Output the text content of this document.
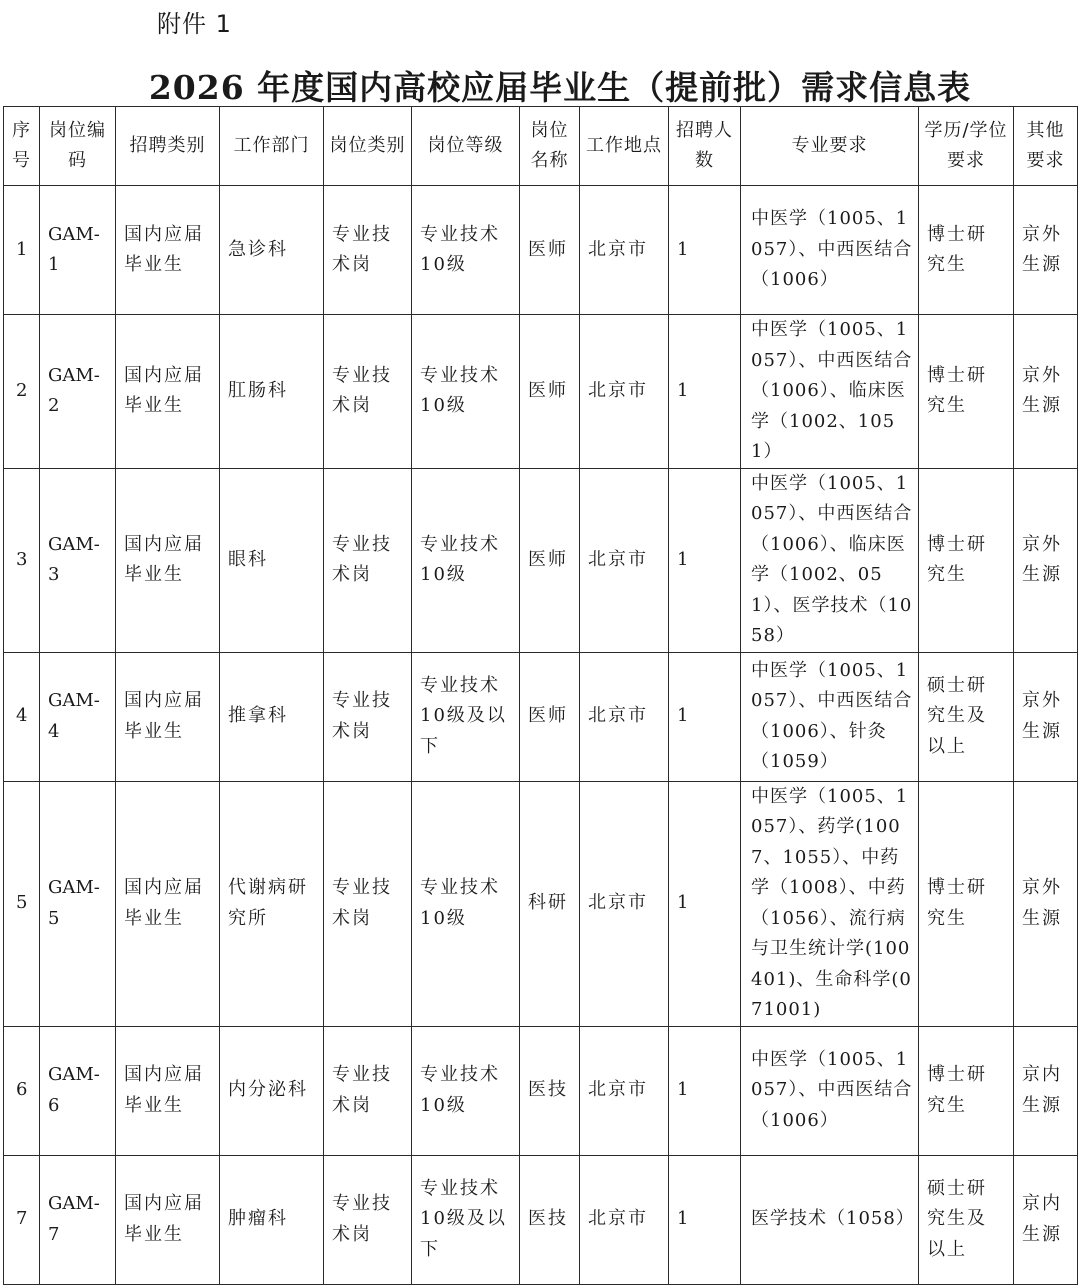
附件 1
2026 年度国内高校应届毕业生（提前批）需求信息表
序号	岗位编码	招聘类别	工作部门	岗位类别	岗位等级	岗位名称	工作地点	招聘人数	专业要求	学历/学位要求	其他要求
1	GAM-1	国内应届毕业生	急诊科	专业技术岗	专业技术10级	医师	北京市	1	中医学（1005、1057）、中西医结合（1006）	博士研究生	京外生源
2	GAM-2	国内应届毕业生	肛肠科	专业技术岗	专业技术10级	医师	北京市	1	中医学（1005、1057）、中西医结合（1006）、临床医学（1002、1051）	博士研究生	京外生源
3	GAM-3	国内应届毕业生	眼科	专业技术岗	专业技术10级	医师	北京市	1	中医学（1005、1057）、中西医结合（1006）、临床医学（1002、051）、医学技术（1058）	博士研究生	京外生源
4	GAM-4	国内应届毕业生	推拿科	专业技术岗	专业技术10级及以下	医师	北京市	1	中医学（1005、1057）、中西医结合（1006）、针灸（1059）	硕士研究生及以上	京外生源
5	GAM-5	国内应届毕业生	代谢病研究所	专业技术岗	专业技术10级	科研	北京市	1	中医学（1005、1057）、药学(1007、1055）、中药学（1008）、中药（1056）、流行病与卫生统计学(100401)、生命科学(071001)	博士研究生	京外生源
6	GAM-6	国内应届毕业生	内分泌科	专业技术岗	专业技术10级	医技	北京市	1	中医学（1005、1057）、中西医结合（1006）	博士研究生	京内生源
7	GAM-7	国内应届毕业生	肿瘤科	专业技术岗	专业技术10级及以下	医技	北京市	1	医学技术（1058）	硕士研究生及以上	京内生源
